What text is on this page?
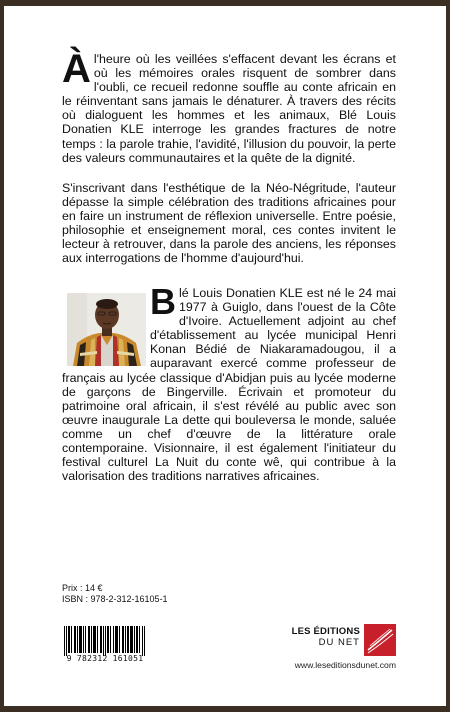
Àl'heure où les veillées s'effacent devant les écrans et où les mémoires orales risquent de sombrer dans l'oubli, ce recueil redonne souffle au conte africain en le réinventant sans jamais le dénaturer. À travers des récits où dialoguent les hommes et les animaux, Blé Louis Donatien KLE interroge les grandes fractures de notre temps : la parole trahie, l'avidité, l'illusion du pouvoir, la perte des valeurs communautaires et la quête de la dignité.
S'inscrivant dans l'esthétique de la Néo-Négritude, l'auteur dépasse la simple célébration des traditions africaines pour en faire un instrument de réflexion universelle. Entre poésie, philosophie et enseignement moral, ces contes invitent le lecteur à retrouver, dans la parole des anciens, les réponses aux interrogations de l'homme d'aujourd'hui.
Blé Louis Donatien KLE est né le 24 mai 1977 à Guiglo, dans l'ouest de la Côte d'Ivoire. Actuellement adjoint au chef d'établissement au lycée municipal Henri Konan Bédié de Niakaramadougou, il a auparavant exercé comme professeur de français au lycée classique d'Abidjan puis au lycée moderne de garçons de Bingerville. Écrivain et promoteur du patrimoine oral africain, il s'est révélé au public avec son œuvre inaugurale La dette qui bouleversa le monde, saluée comme un chef d'œuvre de la littérature orale contemporaine. Visionnaire, il est également l'initiateur du festival culturel La Nuit du conte wê, qui contribue à la valorisation des traditions narratives africaines.
Prix : 14 €
ISBN : 978-2-312-16105-1
9 782312 161051
LES ÉDITIONS
DU NET
www.leseditionsdunet.com
